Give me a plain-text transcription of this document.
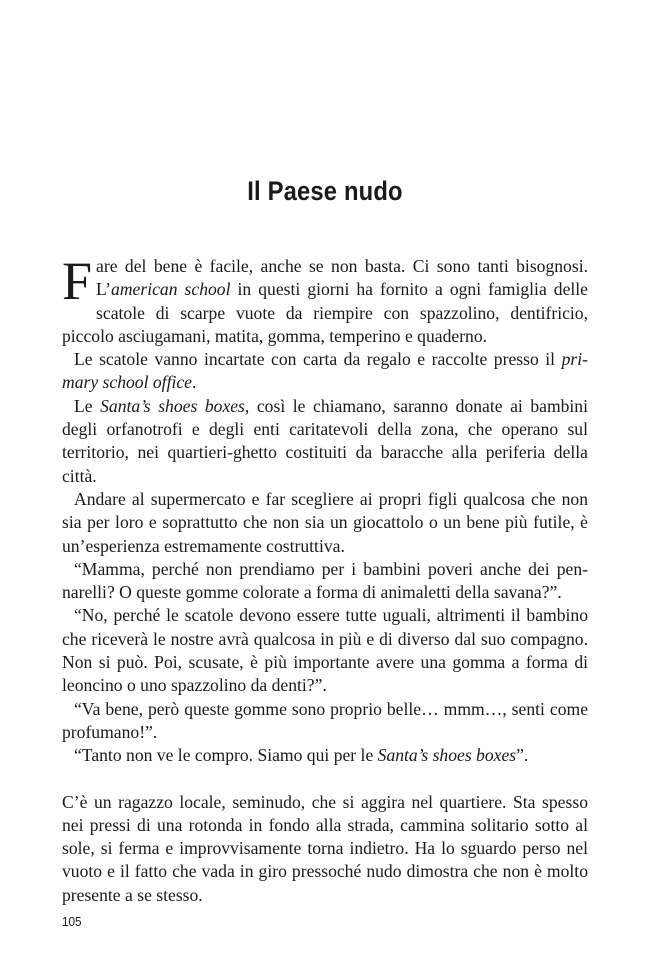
Il Paese nudo

Fare del bene è facile, anche se non basta. Ci sono tanti bisognosi. L’american school in questi giorni ha fornito a ogni famiglia delle scatole di scarpe vuote da riempire con spazzolino, dentifricio, piccolo asciugamani, matita, gomma, temperino e quaderno.

Le scatole vanno incartate con carta da regalo e raccolte presso il primary school office.

Le Santa’s shoes boxes, così le chiamano, saranno donate ai bambini degli orfanotrofi e degli enti caritatevoli della zona, che operano sul territorio, nei quartieri-ghetto costituiti da baracche alla periferia della città.

Andare al supermercato e far scegliere ai propri figli qualcosa che non sia per loro e soprattutto che non sia un giocattolo o un bene più futile, è un’esperienza estremamente costruttiva.

“Mamma, perché non prendiamo per i bambini poveri anche dei pennarelli? O queste gomme colorate a forma di animaletti della savana?”.

“No, perché le scatole devono essere tutte uguali, altrimenti il bambino che riceverà le nostre avrà qualcosa in più e di diverso dal suo compagno. Non si può. Poi, scusate, è più importante avere una gomma a forma di leoncino o uno spazzolino da denti?”.

“Va bene, però queste gomme sono proprio belle… mmm…, senti come profumano!”.

“Tanto non ve le compro. Siamo qui per le Santa’s shoes boxes”.

C’è un ragazzo locale, seminudo, che si aggira nel quartiere. Sta spesso nei pressi di una rotonda in fondo alla strada, cammina solitario sotto al sole, si ferma e improvvisamente torna indietro. Ha lo sguardo perso nel vuoto e il fatto che vada in giro pressoché nudo dimostra che non è molto presente a se stesso.

105
